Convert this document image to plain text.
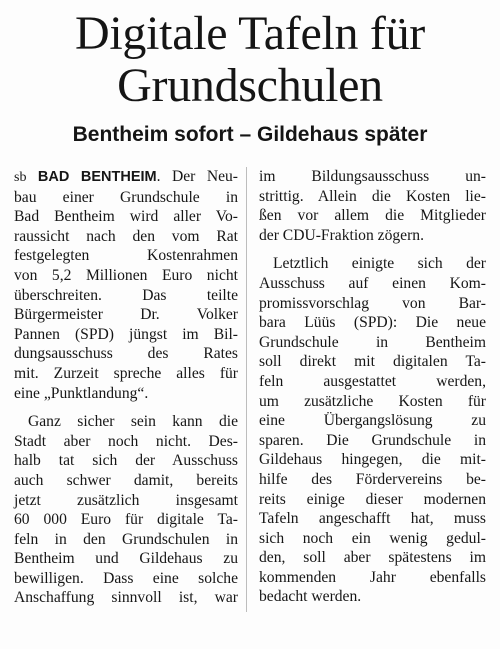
Digitale Tafeln für
Grundschulen
Bentheim sofort – Gildehaus später

sb BAD BENTHEIM. Der Neu-
bau einer Grundschule in
Bad Bentheim wird aller Vo-
raussicht nach den vom Rat
festgelegten Kostenrahmen
von 5,2 Millionen Euro nicht
überschreiten. Das teilte
Bürgermeister Dr. Volker
Pannen (SPD) jüngst im Bil-
dungsausschuss des Rates
mit. Zurzeit spreche alles für
eine „Punktlandung“.

Ganz sicher sein kann die
Stadt aber noch nicht. Des-
halb tat sich der Ausschuss
auch schwer damit, bereits
jetzt zusätzlich insgesamt
60 000 Euro für digitale Ta-
feln in den Grundschulen in
Bentheim und Gildehaus zu
bewilligen. Dass eine solche
Anschaffung sinnvoll ist, war

im Bildungsausschuss un-
strittig. Allein die Kosten lie-
ßen vor allem die Mitglieder
der CDU-Fraktion zögern.

Letztlich einigte sich der
Ausschuss auf einen Kom-
promissvorschlag von Bar-
bara Lüüs (SPD): Die neue
Grundschule in Bentheim
soll direkt mit digitalen Ta-
feln ausgestattet werden,
um zusätzliche Kosten für
eine Übergangslösung zu
sparen. Die Grundschule in
Gildehaus hingegen, die mit-
hilfe des Fördervereins be-
reits einige dieser modernen
Tafeln angeschafft hat, muss
sich noch ein wenig gedul-
den, soll aber spätestens im
kommenden Jahr ebenfalls
bedacht werden.
